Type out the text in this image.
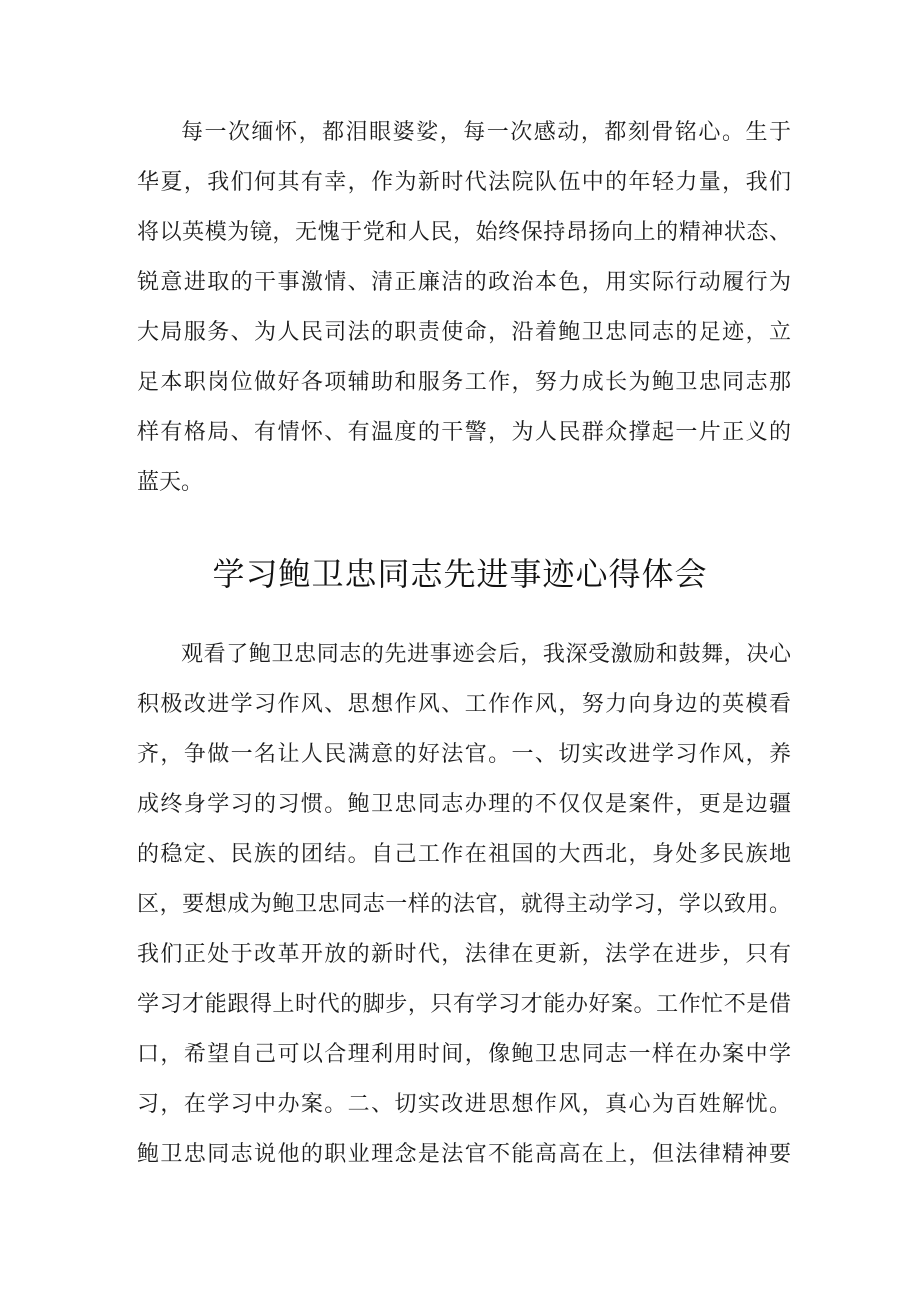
每一次缅怀，都泪眼婆娑，每一次感动，都刻骨铭心。生于
华夏，我们何其有幸，作为新时代法院队伍中的年轻力量，我们
将以英模为镜，无愧于党和人民，始终保持昂扬向上的精神状态、
锐意进取的干事激情、清正廉洁的政治本色，用实际行动履行为
大局服务、为人民司法的职责使命，沿着鲍卫忠同志的足迹，立
足本职岗位做好各项辅助和服务工作，努力成长为鲍卫忠同志那
样有格局、有情怀、有温度的干警，为人民群众撑起一片正义的
蓝天。
学习鲍卫忠同志先进事迹心得体会
观看了鲍卫忠同志的先进事迹会后，我深受激励和鼓舞，决心
积极改进学习作风、思想作风、工作作风，努力向身边的英模看
齐，争做一名让人民满意的好法官。一、切实改进学习作风，养
成终身学习的习惯。鲍卫忠同志办理的不仅仅是案件，更是边疆
的稳定、民族的团结。自己工作在祖国的大西北，身处多民族地
区，要想成为鲍卫忠同志一样的法官，就得主动学习，学以致用。
我们正处于改革开放的新时代，法律在更新，法学在进步，只有
学习才能跟得上时代的脚步，只有学习才能办好案。工作忙不是借
口，希望自己可以合理利用时间，像鲍卫忠同志一样在办案中学
习，在学习中办案。二、切实改进思想作风，真心为百姓解忧。
鲍卫忠同志说他的职业理念是法官不能高高在上，但法律精神要
